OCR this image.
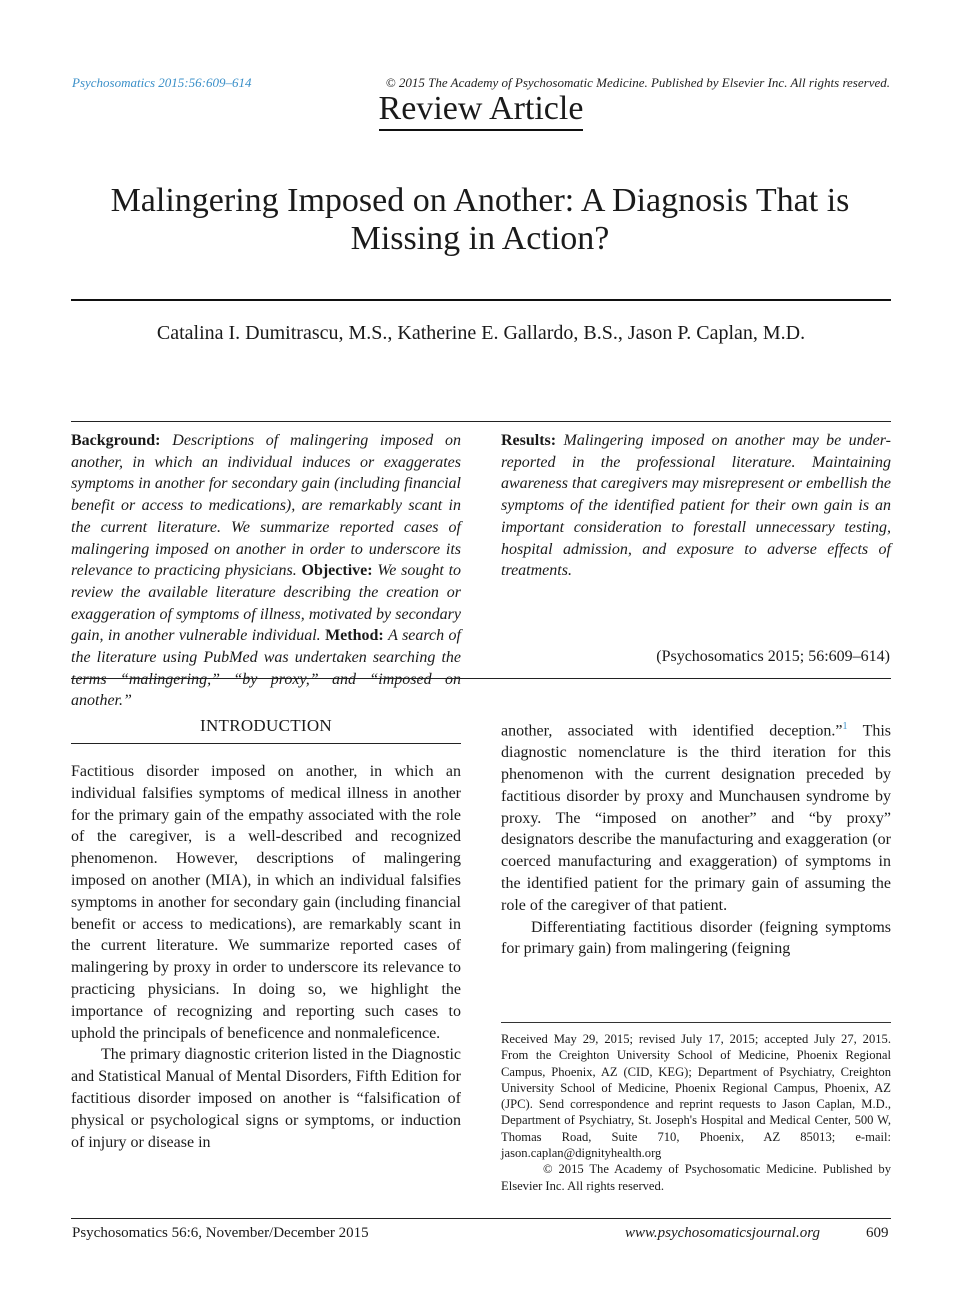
Psychosomatics 2015:56:609–614	© 2015 The Academy of Psychosomatic Medicine. Published by Elsevier Inc. All rights reserved.
Review Article
Malingering Imposed on Another: A Diagnosis That is Missing in Action?
Catalina I. Dumitrascu, M.S., Katherine E. Gallardo, B.S., Jason P. Caplan, M.D.
Background: Descriptions of malingering imposed on another, in which an individual induces or exaggerates symptoms in another for secondary gain (including financial benefit or access to medications), are remarkably scant in the current literature. We summarize reported cases of malingering imposed on another in order to underscore its relevance to practicing physicians. Objective: We sought to review the available literature describing the creation or exaggeration of symptoms of illness, motivated by secondary gain, in another vulnerable individual. Method: A search of the literature using PubMed was undertaken searching the terms “malingering,” “by proxy,” and “imposed on another.”
Results: Malingering imposed on another may be under-reported in the professional literature. Maintaining awareness that caregivers may misrepresent or embellish the symptoms of the identified patient for their own gain is an important consideration to forestall unnecessary testing, hospital admission, and exposure to adverse effects of treatments.
(Psychosomatics 2015; 56:609–614)
INTRODUCTION

Factitious disorder imposed on another, in which an individual falsifies symptoms of medical illness in another for the primary gain of the empathy associated with the role of the caregiver, is a well-described and recognized phenomenon. However, descriptions of malingering imposed on another (MIA), in which an individual falsifies symptoms in another for secondary gain (including financial benefit or access to medications), are remarkably scant in the current literature. We summarize reported cases of malingering by proxy in order to underscore its relevance to practicing physicians. In doing so, we highlight the importance of recognizing and reporting such cases to uphold the principals of beneficence and nonmaleficence.

The primary diagnostic criterion listed in the Diagnostic and Statistical Manual of Mental Disorders, Fifth Edition for factitious disorder imposed on another is “falsification of physical or psychological signs or symptoms, or induction of injury or disease in

another, associated with identified deception.”$^1$ This diagnostic nomenclature is the third iteration for this phenomenon with the current designation preceded by factitious disorder by proxy and Munchausen syndrome by proxy. The “imposed on another” and “by proxy” designators describe the manufacturing and exaggeration (or coerced manufacturing and exaggeration) of symptoms in the identified patient for the primary gain of assuming the role of the caregiver of that patient.

Differentiating factitious disorder (feigning symptoms for primary gain) from malingering (feigning

Received May 29, 2015; revised July 17, 2015; accepted July 27, 2015. From the Creighton University School of Medicine, Phoenix Regional Campus, Phoenix, AZ (CID, KEG); Department of Psychiatry, Creighton University School of Medicine, Phoenix Regional Campus, Phoenix, AZ (JPC). Send correspondence and reprint requests to Jason Caplan, M.D., Department of Psychiatry, St. Joseph's Hospital and Medical Center, 500 W, Thomas Road, Suite 710, Phoenix, AZ 85013; e-mail: jason.caplan@dignityhealth.org

© 2015 The Academy of Psychosomatic Medicine. Published by Elsevier Inc. All rights reserved.

Psychosomatics 56:6, November/December 2015	www.psychosomaticsjournal.org	609
